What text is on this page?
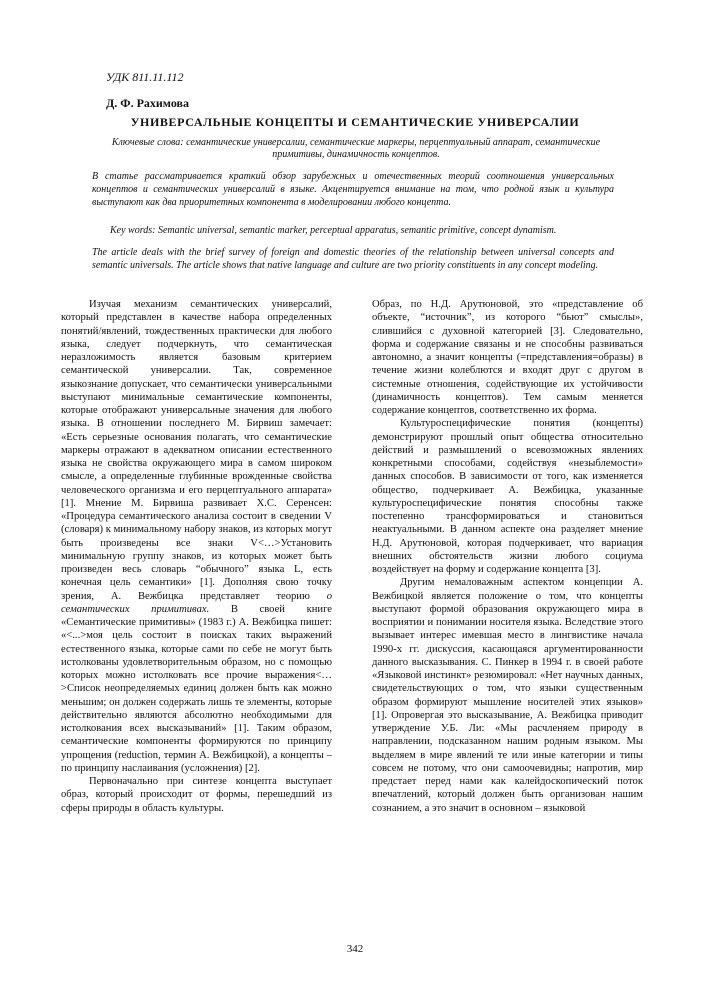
УДК 811.11.112
Д. Ф. Рахимова
УНИВЕРСАЛЬНЫЕ КОНЦЕПТЫ И СЕМАНТИЧЕСКИЕ УНИВЕРСАЛИИ
Ключевые слова: семантические универсалии, семантические маркеры, перцептуальный аппарат, семантические примитивы, динамичность концептов.
В статье рассматривается краткий обзор зарубежных и отечественных теорий соотношения универсальных концептов и семантических универсалий в языке. Акцентируется внимание на том, что родной язык и культура выступают как два приоритетных компонента в моделировании любого концепта.
Key words: Semantic universal, semantic marker, perceptual apparatus, semantic primitive, concept dynamism.
The article deals with the brief survey of foreign and domestic theories of the relationship between universal concepts and semantic universals. The article shows that native language and culture are two priority constituents in any concept modeling.

Изучая механизм семантических универсалий, который представлен в качестве набора определенных понятий/явлений, тождественных практически для любого языка, следует подчеркнуть, что семантическая неразложимость является базовым критерием семантической универсалии. Так, современное языкознание допускает, что семантически универсальными выступают минимальные семантические компоненты, которые отображают универсальные значения для любого языка. В отношении последнего М. Бирвиш замечает: «Есть серьезные основания полагать, что семантические маркеры отражают в адекватном описании естественного языка не свойства окружающего мира в самом широком смысле, а определенные глубинные врожденные свойства человеческого организма и его перцептуального аппарата» [1]. Мнение М. Бирвиша развивает Х.С. Серенсен: «Процедура семантического анализа состоит в сведении V (словаря) к минимальному набору знаков, из которых могут быть произведены все знаки V<…>Установить минимальную группу знаков, из которых может быть произведен весь словарь “обычного” языка L, есть конечная цель семантики» [1]. Дополняя свою точку зрения, А. Вежбицка представляет теорию о семантических примитивах. В своей книге «Семантические примитивы» (1983 г.) А. Вежбицка пишет: «<...>моя цель состоит в поисках таких выражений естественного языка, которые сами по себе не могут быть истолкованы удовлетворительным образом, но с помощью которых можно истолковать все прочие выражения<…>Список неопределяемых единиц должен быть как можно меньшим; он должен содержать лишь те элементы, которые действительно являются абсолютно необходимыми для истолкования всех высказываний» [1]. Таким образом, семантические компоненты формируются по принципу упрощения (reduction, термин А. Вежбицкой), а концепты – по принципу наслаивания (усложнения) [2].

Первоначально при синтезе концепта выступает образ, который происходит от формы, перешедший из сферы природы в область культуры.

Образ, по Н.Д. Арутюновой, это «представление об объекте, “источник”, из которого “бьют” смыслы», слившийся с духовной категорией [3]. Следовательно, форма и содержание связаны и не способны развиваться автономно, а значит концепты (=представления=образы) в течение жизни колеблются и входят друг с другом в системные отношения, содействующие их устойчивости (динамичность концептов). Тем самым меняется содержание концептов, соответственно их форма.

Культуроспецифические понятия (концепты) демонстрируют прошлый опыт общества относительно действий и размышлений о всевозможных явлениях конкретными способами, содействуя «незыблемости» данных способов. В зависимости от того, как изменяется общество, подчеркивает А. Вежбицка, указанные культуроспецифические понятия способны также постепенно трансформироваться и становиться неактуальными. В данном аспекте она разделяет мнение Н.Д. Арутюновой, которая подчеркивает, что вариация внешних обстоятельств жизни любого социума воздействует на форму и содержание концепта [3].

Другим немаловажным аспектом концепции А. Вежбицкой является положение о том, что концепты выступают формой образования окружающего мира в восприятии и понимании носителя языка. Вследствие этого вызывает интерес имевшая место в лингвистике начала 1990-х гг. дискуссия, касающаяся аргументированности данного высказывания. С. Пинкер в 1994 г. в своей работе «Языковой инстинкт» резюмировал: «Нет научных данных, свидетельствующих о том, что языки существенным образом формируют мышление носителей этих языков» [1]. Опровергая это высказывание, А. Вежбицка приводит утверждение У.Б. Ли: «Мы расчленяем природу в направлении, подсказанном нашим родным языком. Мы выделяем в мире явлений те или иные категории и типы совсем не потому, что они самоочевидны; напротив, мир предстает перед нами как калейдоскопический поток впечатлений, который должен быть организован нашим сознанием, а это значит в основном – языковой

342
